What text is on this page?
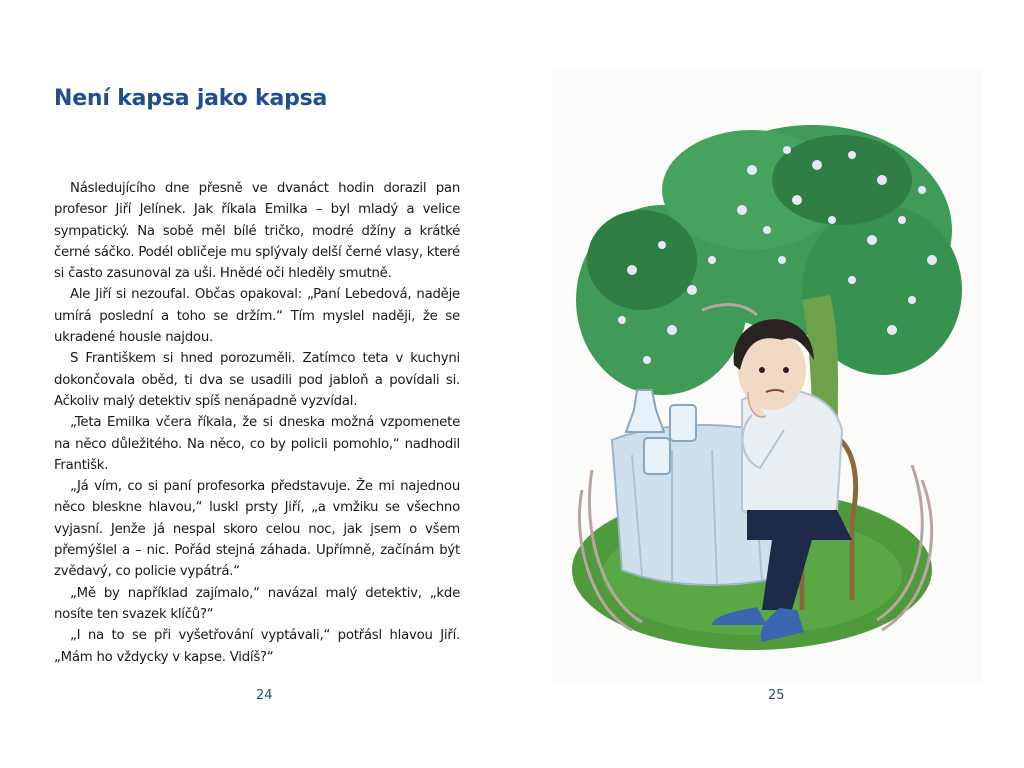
Není kapsa jako kapsa

Následujícího dne přesně ve dvanáct hodin dorazil pan profesor Jiří Jelínek. Jak říkala Emilka – byl mladý a velice sympatický. Na sobě měl bílé tričko, modré džíny a krátké černé sáčko. Podél obličeje mu splývaly delší černé vlasy, které si často zasunoval za uši. Hnědé oči hleděly smutně.

Ale Jiří si nezoufal. Občas opakoval: „Paní Lebedová, naděje umírá poslední a toho se držím.“ Tím myslel naději, že se ukradené housle najdou.

S Františkem si hned porozuměli. Zatímco teta v kuchyni dokončovala oběd, ti dva se usadili pod jabloň a povídali si. Ačkoliv malý detektiv spíš nenápadně vyzvídal.

„Teta Emilka včera říkala, že si dneska možná vzpomenete na něco důležitého. Na něco, co by policii pomohlo,“ nadhodil Františk.

„Já vím, co si paní profesorka představuje. Že mi najednou něco bleskne hlavou,“ luskl prsty Jiří, „a vmžiku se všechno vyjasní. Jenže já nespal skoro celou noc, jak jsem o všem přemýšlel a – nic. Pořád stejná záhada. Upřímně, začínám být zvědavý, co policie vypátrá.“

„Mě by například zajímalo,“ navázal malý detektiv, „kde nosíte ten svazek klíčů?“

„I na to se při vyšetřování vyptávali,“ potřásl hlavou Jiří. „Mám ho vždycky v kapse. Vidíš?“

24	25
